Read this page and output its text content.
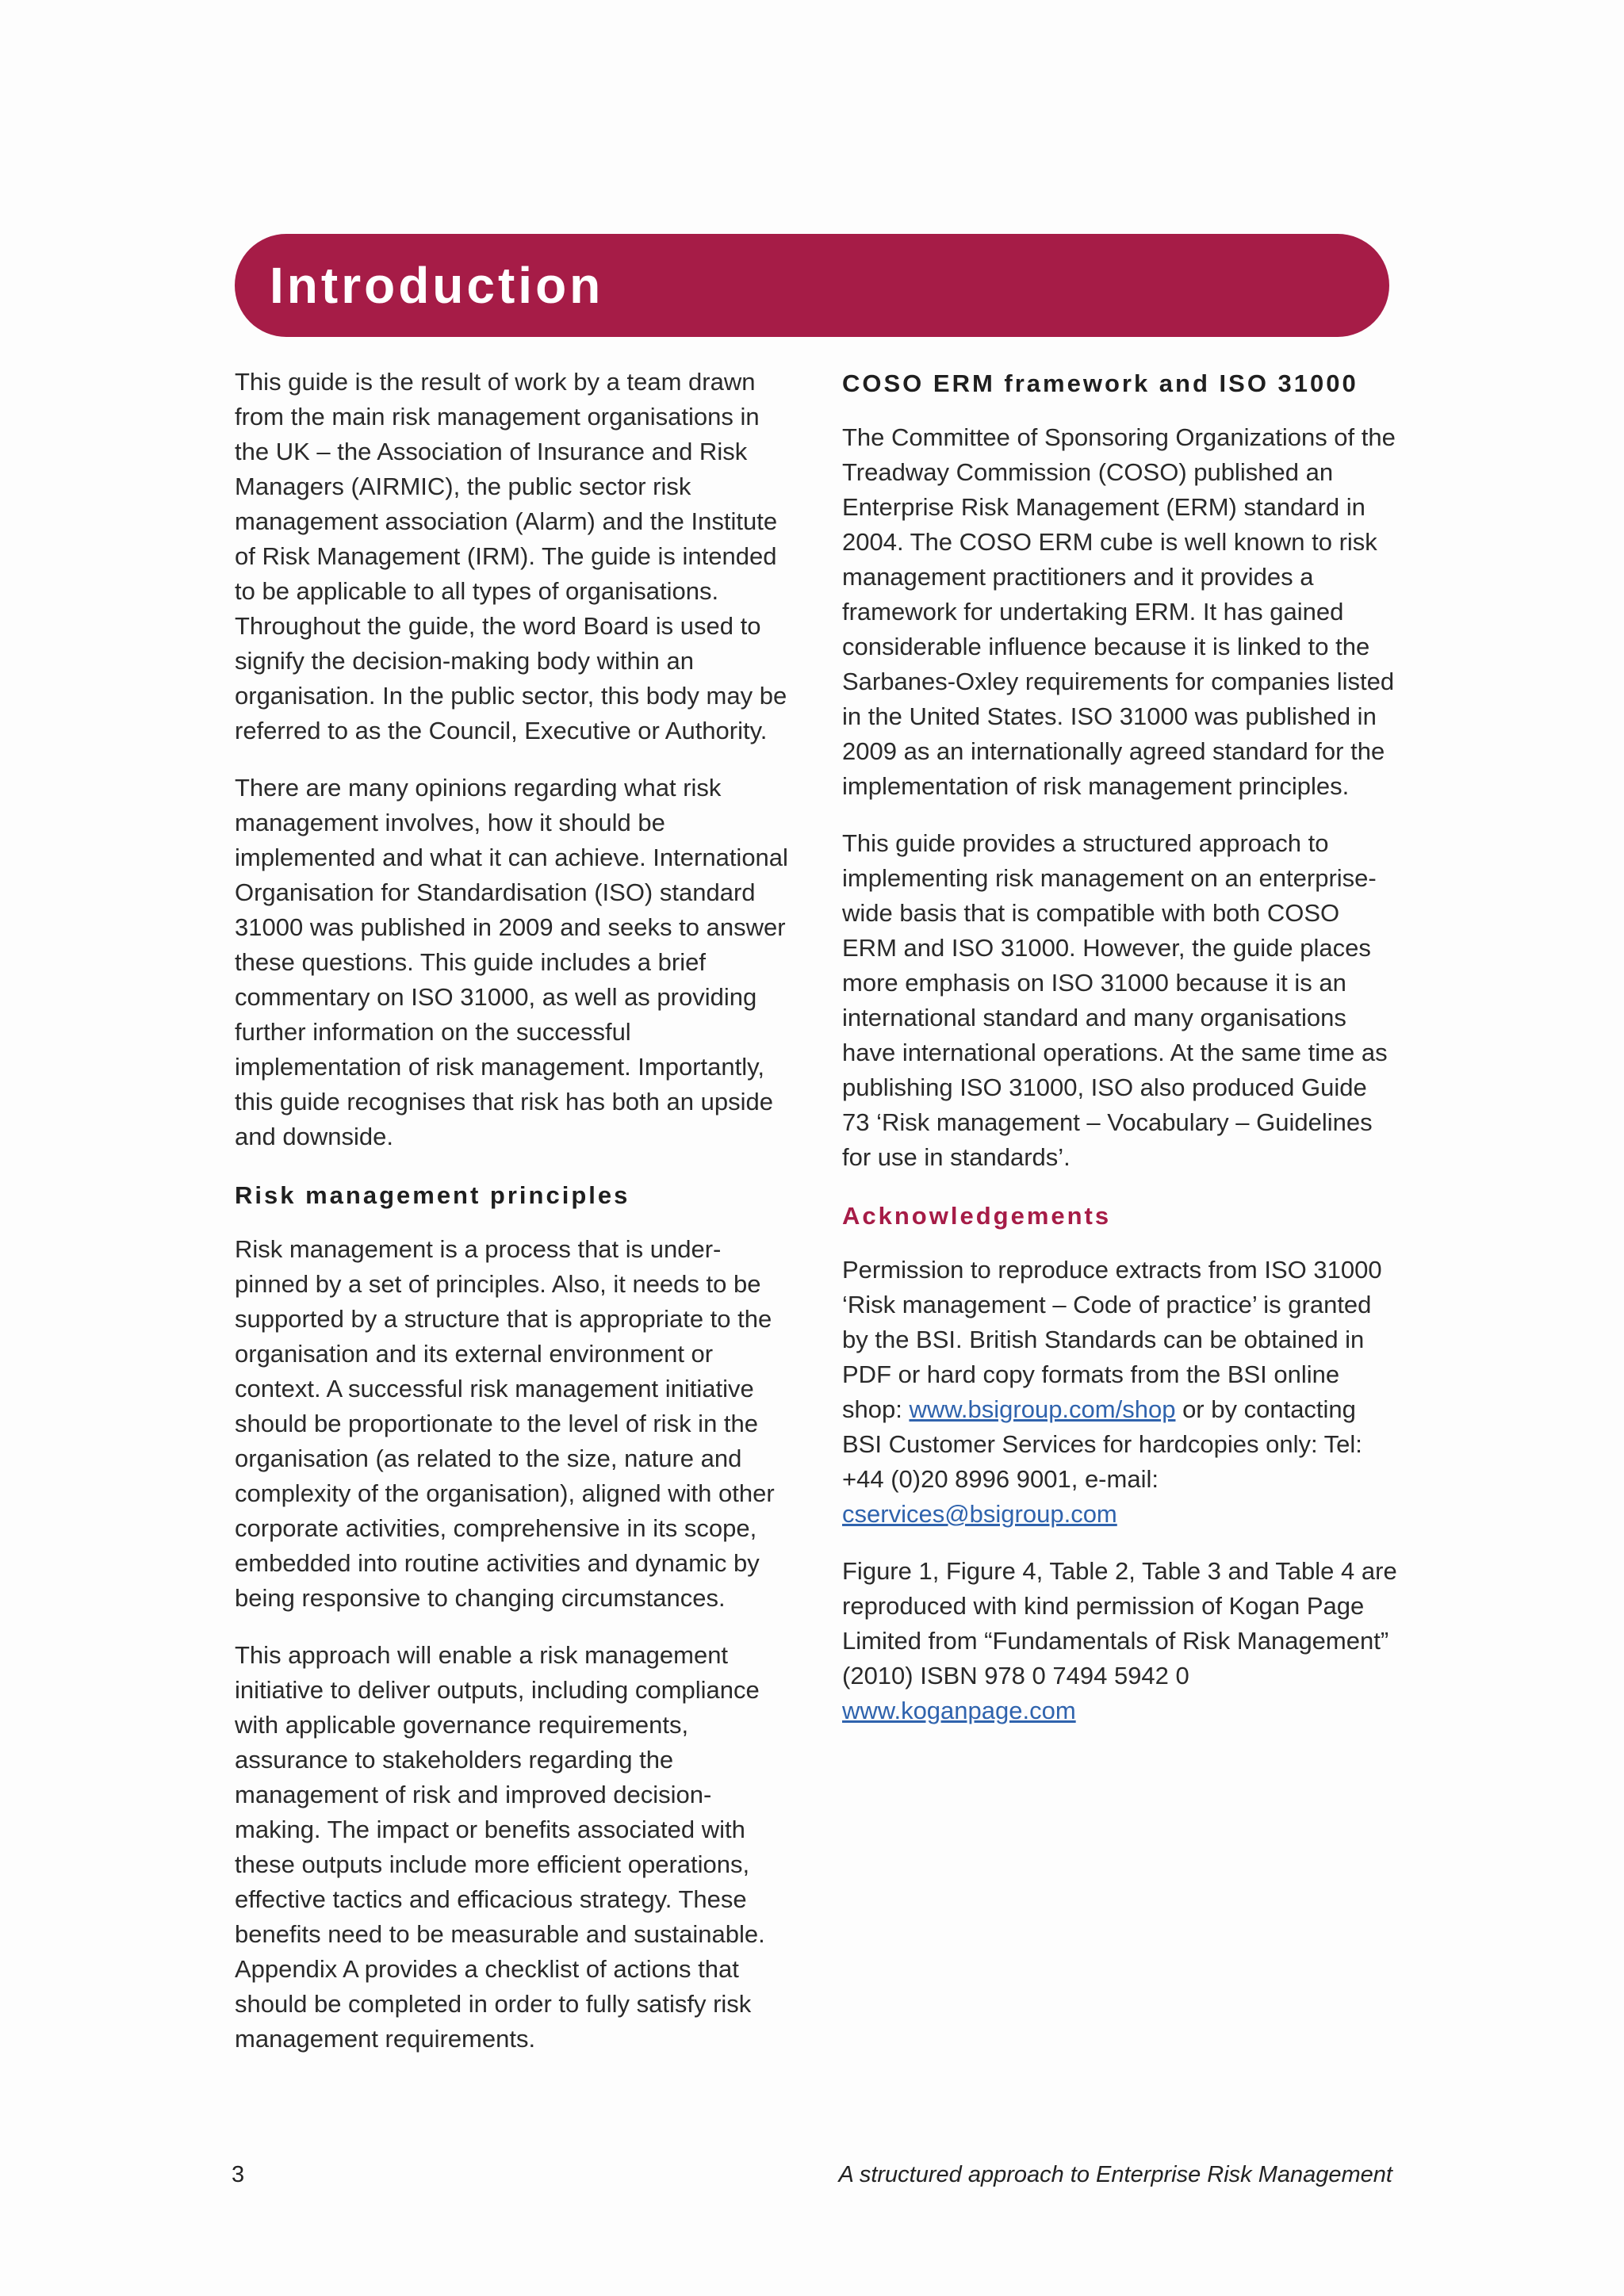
Introduction

This guide is the result of work by a team drawn from the main risk management organisations in the UK – the Association of Insurance and Risk Managers (AIRMIC), the public sector risk management association (Alarm) and the Institute of Risk Management (IRM). The guide is intended to be applicable to all types of organisations. Throughout the guide, the word Board is used to signify the decision-making body within an organisation. In the public sector, this body may be referred to as the Council, Executive or Authority.

There are many opinions regarding what risk management involves, how it should be implemented and what it can achieve. International Organisation for Standardisation (ISO) standard 31000 was published in 2009 and seeks to answer these questions. This guide includes a brief commentary on ISO 31000, as well as providing further information on the successful implementation of risk management. Importantly, this guide recognises that risk has both an upside and downside.

Risk management principles

Risk management is a process that is under-pinned by a set of principles. Also, it needs to be supported by a structure that is appropriate to the organisation and its external environment or context. A successful risk management initiative should be proportionate to the level of risk in the organisation (as related to the size, nature and complexity of the organisation), aligned with other corporate activities, comprehensive in its scope, embedded into routine activities and dynamic by being responsive to changing circumstances.

This approach will enable a risk management initiative to deliver outputs, including compliance with applicable governance requirements, assurance to stakeholders regarding the management of risk and improved decision-making. The impact or benefits associated with these outputs include more efficient operations, effective tactics and efficacious strategy. These benefits need to be measurable and sustainable. Appendix A provides a checklist of actions that should be completed in order to fully satisfy risk management requirements.

COSO ERM framework and ISO 31000

The Committee of Sponsoring Organizations of the Treadway Commission (COSO) published an Enterprise Risk Management (ERM) standard in 2004. The COSO ERM cube is well known to risk management practitioners and it provides a framework for undertaking ERM. It has gained considerable influence because it is linked to the Sarbanes-Oxley requirements for companies listed in the United States. ISO 31000 was published in 2009 as an internationally agreed standard for the implementation of risk management principles.

This guide provides a structured approach to implementing risk management on an enterprise-wide basis that is compatible with both COSO ERM and ISO 31000. However, the guide places more emphasis on ISO 31000 because it is an international standard and many organisations have international operations. At the same time as publishing ISO 31000, ISO also produced Guide 73 ‘Risk management – Vocabulary – Guidelines for use in standards’.

Acknowledgements

Permission to reproduce extracts from ISO 31000 ‘Risk management – Code of practice’ is granted by the BSI. British Standards can be obtained in PDF or hard copy formats from the BSI online shop: www.bsigroup.com/shop or by contacting BSI Customer Services for hardcopies only: Tel: +44 (0)20 8996 9001, e-mail: cservices@bsigroup.com

Figure 1, Figure 4, Table 2, Table 3 and Table 4 are reproduced with kind permission of Kogan Page Limited from “Fundamentals of Risk Management” (2010) ISBN 978 0 7494 5942 0 www.koganpage.com

3	A structured approach to Enterprise Risk Management
